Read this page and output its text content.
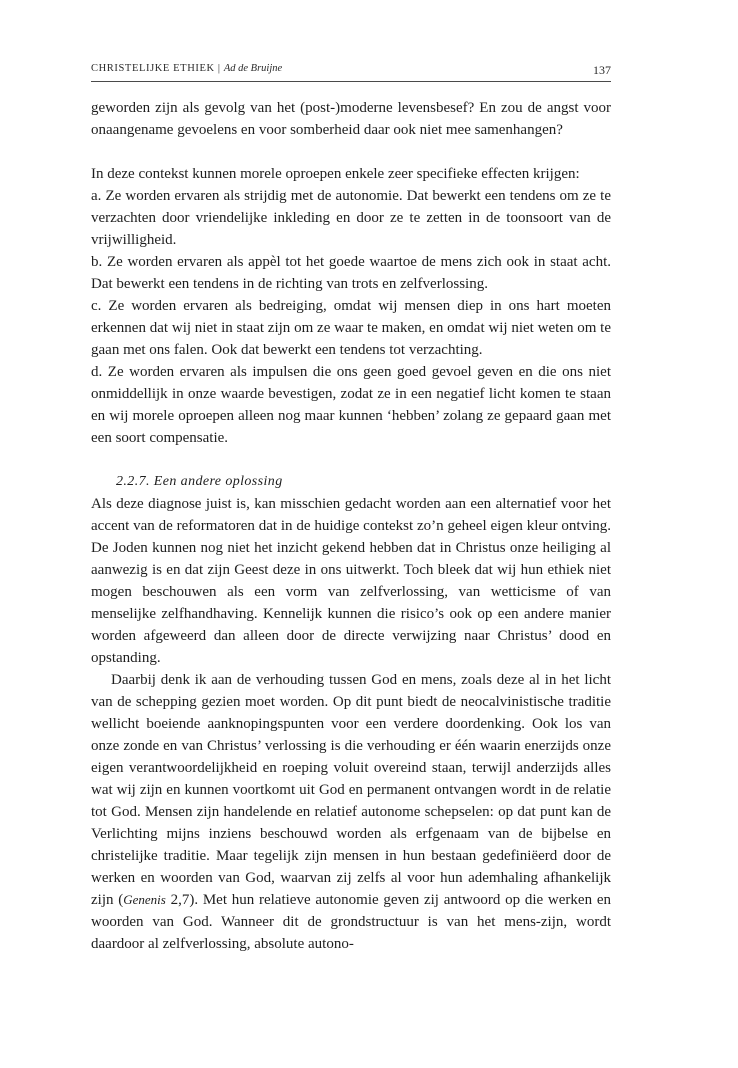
CHRISTELIJKE ETHIEK | Ad de Bruijne	137

geworden zijn als gevolg van het (post-)moderne levensbesef? En zou de angst voor onaangename gevoelens en voor somberheid daar ook niet mee samenhangen?

In deze contekst kunnen morele oproepen enkele zeer specifieke effecten krijgen:

a. Ze worden ervaren als strijdig met de autonomie. Dat bewerkt een tendens om ze te verzachten door vriendelijke inkleding en door ze te zetten in de toonsoort van de vrijwilligheid.

b. Ze worden ervaren als appèl tot het goede waartoe de mens zich ook in staat acht. Dat bewerkt een tendens in de richting van trots en zelfverlossing.

c. Ze worden ervaren als bedreiging, omdat wij mensen diep in ons hart moeten erkennen dat wij niet in staat zijn om ze waar te maken, en omdat wij niet weten om te gaan met ons falen. Ook dat bewerkt een tendens tot verzachting.

d. Ze worden ervaren als impulsen die ons geen goed gevoel geven en die ons niet onmiddellijk in onze waarde bevestigen, zodat ze in een negatief licht komen te staan en wij morele oproepen alleen nog maar kunnen ‘hebben’ zolang ze gepaard gaan met een soort compensatie.

2.2.7. Een andere oplossing

Als deze diagnose juist is, kan misschien gedacht worden aan een alternatief voor het accent van de reformatoren dat in de huidige contekst zo’n geheel eigen kleur ontving. De Joden kunnen nog niet het inzicht gekend hebben dat in Christus onze heiliging al aanwezig is en dat zijn Geest deze in ons uitwerkt. Toch bleek dat wij hun ethiek niet mogen beschouwen als een vorm van zelfverlossing, van wetticisme of van menselijke zelfhandhaving. Kennelijk kunnen die risico’s ook op een andere manier worden afgeweerd dan alleen door de directe verwijzing naar Christus’ dood en opstanding.

Daarbij denk ik aan de verhouding tussen God en mens, zoals deze al in het licht van de schepping gezien moet worden. Op dit punt biedt de neocalvinistische traditie wellicht boeiende aanknopingspunten voor een verdere doordenking. Ook los van onze zonde en van Christus’ verlossing is die verhouding er één waarin enerzijds onze eigen verantwoordelijkheid en roeping voluit overeind staan, terwijl anderzijds alles wat wij zijn en kunnen voortkomt uit God en permanent ontvangen wordt in de relatie tot God. Mensen zijn handelende en relatief autonome schepselen: op dat punt kan de Verlichting mijns inziens beschouwd worden als erfgenaam van de bijbelse en christelijke traditie. Maar tegelijk zijn mensen in hun bestaan gedefiniëerd door de werken en woorden van God, waarvan zij zelfs al voor hun ademhaling afhankelijk zijn (Genenis 2,7). Met hun relatieve autonomie geven zij antwoord op die werken en woorden van God. Wanneer dit de grondstructuur is van het mens-zijn, wordt daardoor al zelfverlossing, absolute autono-
